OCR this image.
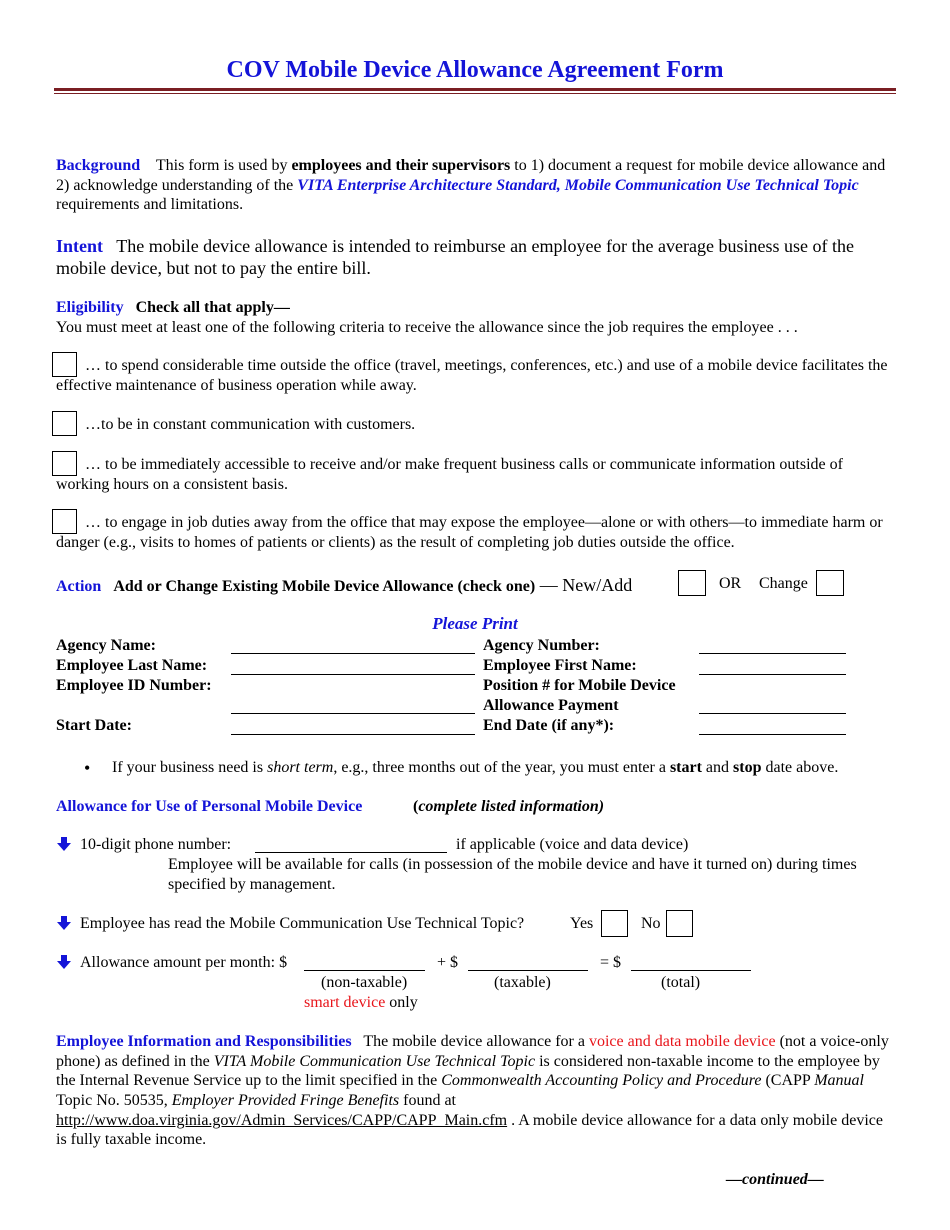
COV Mobile Device Allowance Agreement Form
Background This form is used by employees and their supervisors to 1) document a request for mobile device allowance and 2) acknowledge understanding of the VITA Enterprise Architecture Standard, Mobile Communication Use Technical Topic requirements and limitations.
Intent The mobile device allowance is intended to reimburse an employee for the average business use of the mobile device, but not to pay the entire bill.
Eligibility Check all that apply—
You must meet at least one of the following criteria to receive the allowance since the job requires the employee . . .
… to spend considerable time outside the office (travel, meetings, conferences, etc.) and use of a mobile device facilitates the effective maintenance of business operation while away.
…to be in constant communication with customers.
… to be immediately accessible to receive and/or make frequent business calls or communicate information outside of working hours on a consistent basis.
… to engage in job duties away from the office that may expose the employee—alone or with others—to immediate harm or danger (e.g., visits to homes of patients or clients) as the result of completing job duties outside the office.
Action Add or Change Existing Mobile Device Allowance (check one) — New/Add	OR Change
Please Print
Agency Name:	Agency Number:
Employee Last Name:	Employee First Name:
Employee ID Number:	Position # for Mobile Device
Allowance Payment
Start Date:	End Date (if any*):
• If your business need is short term, e.g., three months out of the year, you must enter a start and stop date above.
Allowance for Use of Personal Mobile Device	(complete listed information)
10-digit phone number:	if applicable (voice and data device)
Employee will be available for calls (in possession of the mobile device and have it turned on) during times specified by management.
Employee has read the Mobile Communication Use Technical Topic?	Yes	No
Allowance amount per month: $	+ $	= $
(non-taxable)	(taxable)	(total)
smart device only
Employee Information and Responsibilities The mobile device allowance for a voice and data mobile device (not a voice-only phone) as defined in the VITA Mobile Communication Use Technical Topic is considered non-taxable income to the employee by the Internal Revenue Service up to the limit specified in the Commonwealth Accounting Policy and Procedure (CAPP Manual Topic No. 50535, Employer Provided Fringe Benefits found at http://www.doa.virginia.gov/Admin_Services/CAPP/CAPP_Main.cfm . A mobile device allowance for a data only mobile device is fully taxable income.
—continued—
